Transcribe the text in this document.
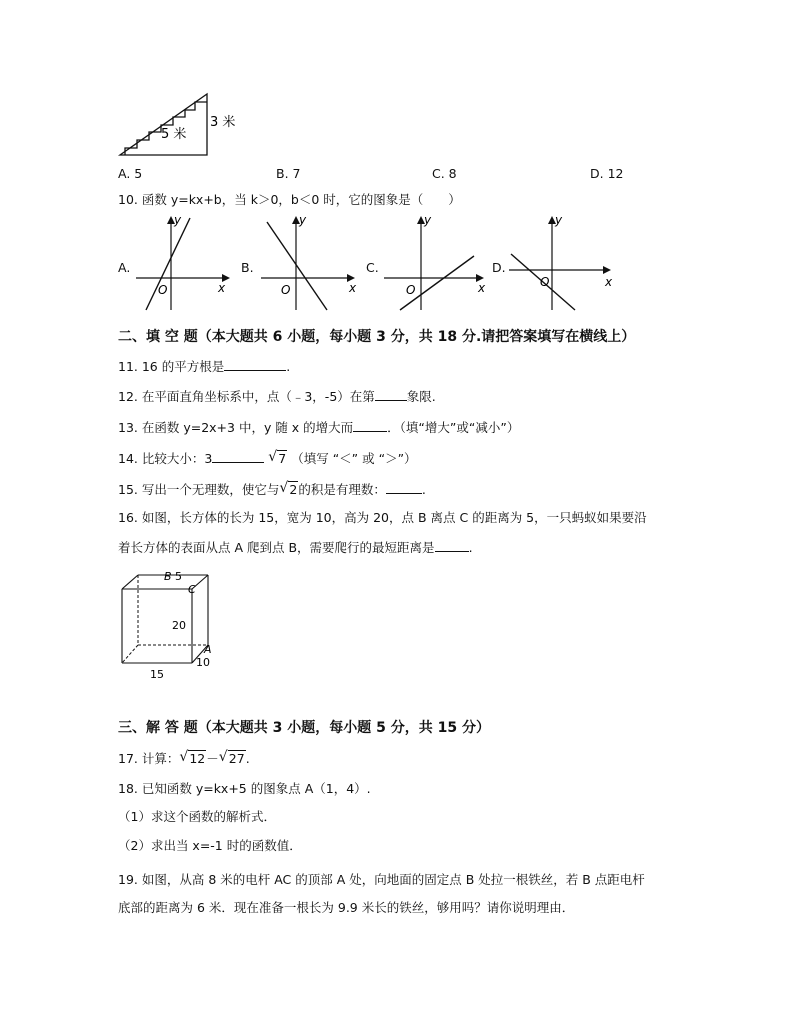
5 米
3 米
A. 5	B. 7	C. 8	D. 12
10. 函数 y=kx+b，当 k＞0，b＜0 时，它的图象是（　　）
A.
y
x
O
B.
y
x
O
C.
y
x
O
D.
y
x
O
二、填 空 题（本大题共 6 小题，每小题 3 分，共 18 分.请把答案填写在横线上）
11. 16 的平方根是	.
12. 在平面直角坐标系中，点（﹣3，-5）在第	象限.
13. 在函数 y=2x+3 中，y 随 x 的增大而	．（填“增大”或“减小”）
14. 比较大小：3	√ 7 （填写 “＜” 或 “＞”）
15. 写出一个无理数，使它与 √ 2的积是有理数：	.
16. 如图，长方体的长为 15，宽为 10，高为 20，点 B 离点 C 的距离为 5，一只蚂蚁如果要沿
着长方体的表面从点 A 爬到点 B，需要爬行的最短距离是	.
B 5
C
20
A
10
15
三、解 答 题（本大题共 3 小题，每小题 5 分，共 15 分）
17. 计算： √ 12－ √ 27.
18. 已知函数 y=kx+5 的图象点 A（1，4）.
（1）求这个函数的解析式．
（2）求出当 x=-1 时的函数值．
19. 如图，从高 8 米的电杆 AC 的顶部 A 处，向地面的固定点 B 处拉一根铁丝，若 B 点距电杆
底部的距离为 6 米．现在准备一根长为 9.9 米长的铁丝，够用吗？请你说明理由．
